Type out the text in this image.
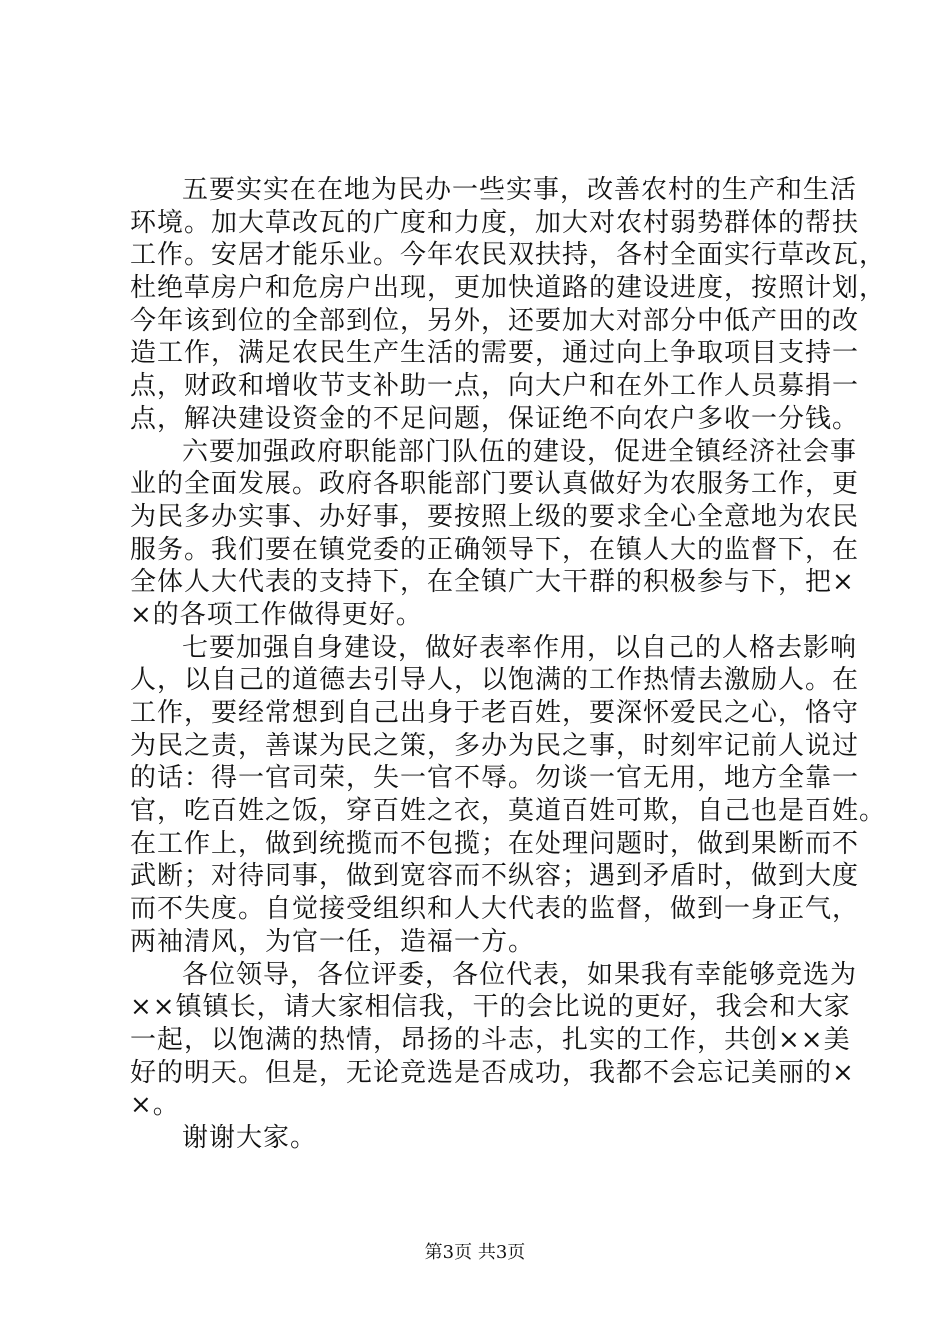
五要实实在在地为民办一些实事，改善农村的生产和生活
环境。加大草改瓦的广度和力度，加大对农村弱势群体的帮扶
工作。安居才能乐业。今年农民双扶持，各村全面实行草改瓦，
杜绝草房户和危房户出现，更加快道路的建设进度，按照计划，
今年该到位的全部到位，另外，还要加大对部分中低产田的改
造工作，满足农民生产生活的需要，通过向上争取项目支持一
点，财政和增收节支补助一点，向大户和在外工作人员募捐一
点，解决建设资金的不足问题，保证绝不向农户多收一分钱。
六要加强政府职能部门队伍的建设，促进全镇经济社会事
业的全面发展。政府各职能部门要认真做好为农服务工作，更
为民多办实事、办好事，要按照上级的要求全心全意地为农民
服务。我们要在镇党委的正确领导下，在镇人大的监督下，在
全体人大代表的支持下，在全镇广大干群的积极参与下，把×
×的各项工作做得更好。
七要加强自身建设，做好表率作用，以自己的人格去影响
人，以自己的道德去引导人，以饱满的工作热情去激励人。在
工作，要经常想到自己出身于老百姓，要深怀爱民之心，恪守
为民之责，善谋为民之策，多办为民之事，时刻牢记前人说过
的话：得一官司荣，失一官不辱。勿谈一官无用，地方全靠一
官，吃百姓之饭，穿百姓之衣，莫道百姓可欺，自己也是百姓。
在工作上，做到统揽而不包揽；在处理问题时，做到果断而不
武断；对待同事，做到宽容而不纵容；遇到矛盾时，做到大度
而不失度。自觉接受组织和人大代表的监督，做到一身正气，
两袖清风，为官一任，造福一方。
各位领导，各位评委，各位代表，如果我有幸能够竞选为
××镇镇长，请大家相信我，干的会比说的更好，我会和大家
一起，以饱满的热情，昂扬的斗志，扎实的工作，共创××美
好的明天。但是，无论竞选是否成功，我都不会忘记美丽的×
×。
谢谢大家。
第3页 共3页
